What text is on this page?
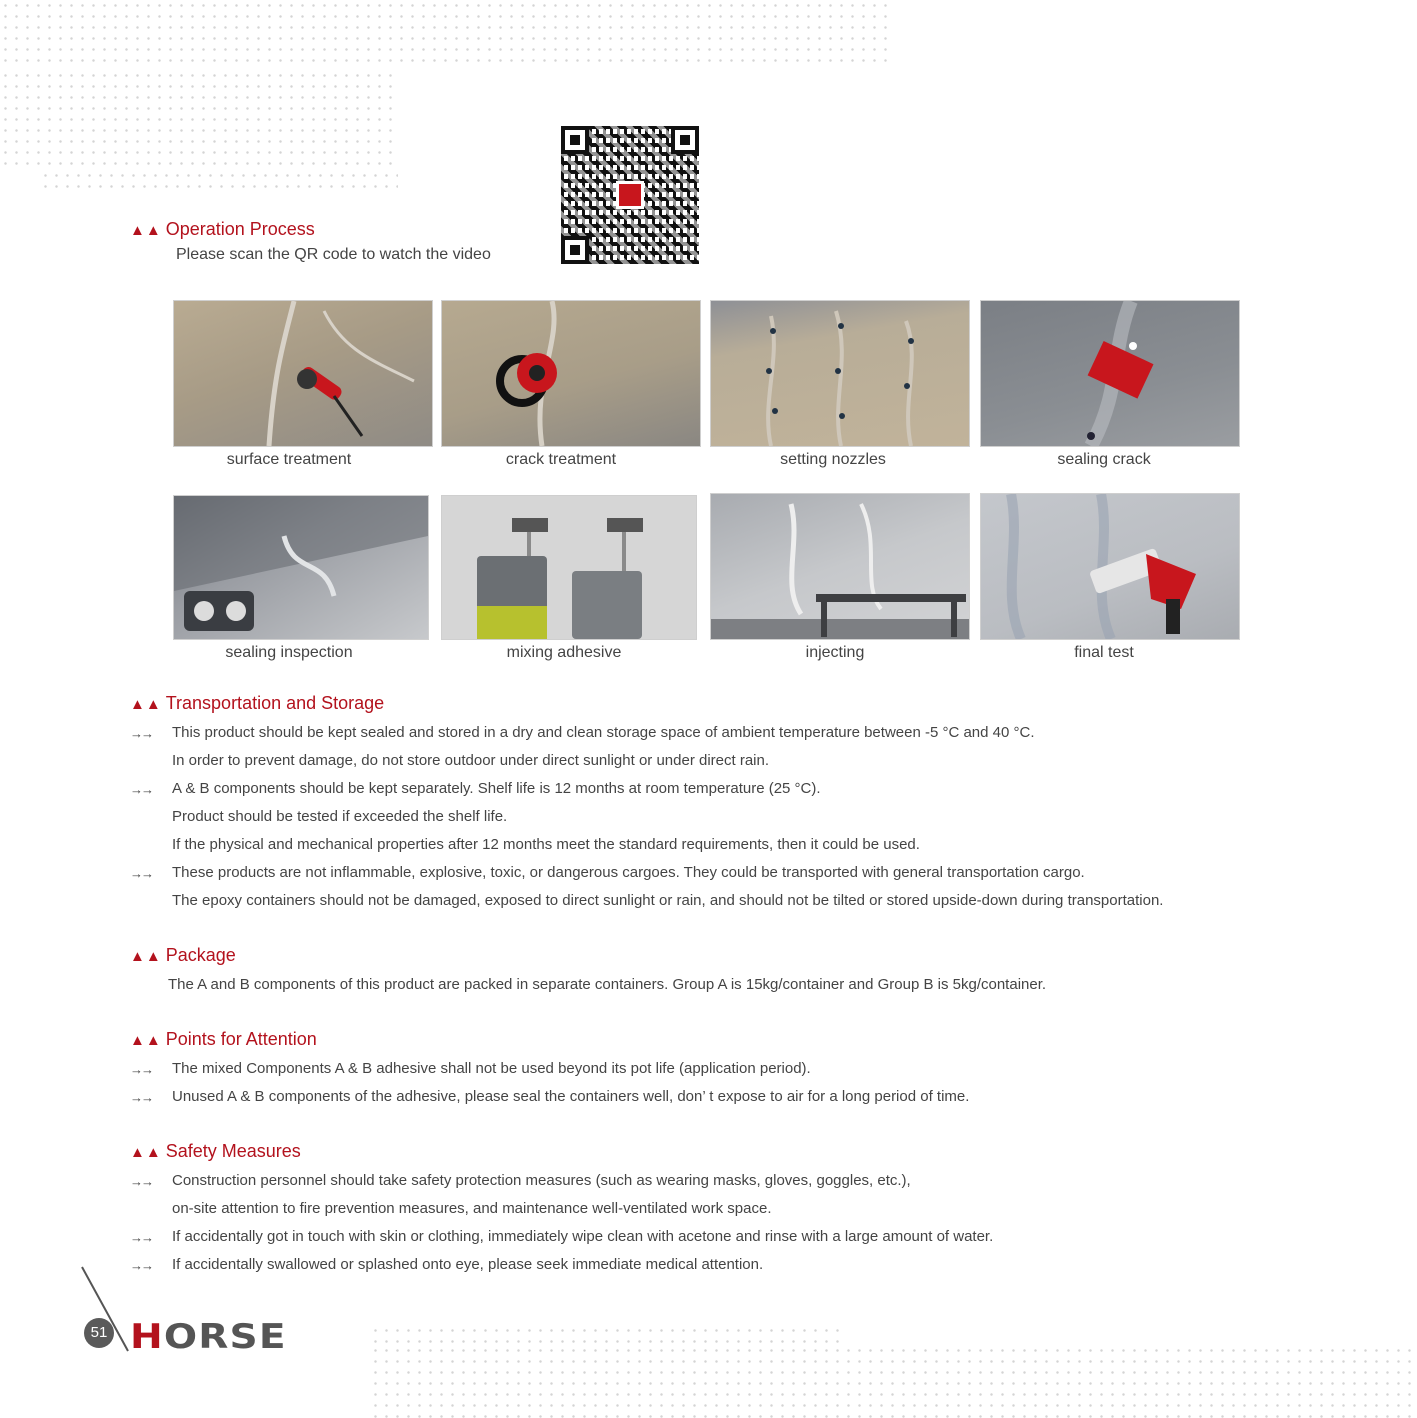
▲▲ Operation Process
Please scan the QR code to watch the video
surface treatment	crack treatment	setting nozzles	sealing crack
sealing inspection	mixing adhesive	injecting	final test
▲▲ Transportation and Storage
→→ This product should be kept sealed and stored in a dry and clean storage space of ambient temperature between -5 °C and 40 °C.
In order to prevent damage, do not store outdoor under direct sunlight or under direct rain.
→→ A & B components should be kept separately. Shelf life is 12 months at room temperature (25 °C).
Product should be tested if exceeded the shelf life.
If the physical and mechanical properties after 12 months meet the standard requirements, then it could be used.
→→ These products are not inflammable, explosive, toxic, or dangerous cargoes. They could be transported with general transportation cargo.
The epoxy containers should not be damaged, exposed to direct sunlight or rain, and should not be tilted or stored upside-down during transportation.
▲▲ Package
The A and B components of this product are packed in separate containers. Group A is 15kg/container and Group B is 5kg/container.
▲▲ Points for Attention
→→ The mixed Components A & B adhesive shall not be used beyond its pot life (application period).
→→ Unused A & B components of the adhesive, please seal the containers well, don’ t expose to air for a long period of time.
▲▲ Safety Measures
→→ Construction personnel should take safety protection measures (such as wearing masks, gloves, goggles, etc.),
on-site attention to fire prevention measures, and maintenance well-ventilated work space.
→→ If accidentally got in touch with skin or clothing, immediately wipe clean with acetone and rinse with a large amount of water.
→→ If accidentally swallowed or splashed onto eye, please seek immediate medical attention.
51 HORSE
